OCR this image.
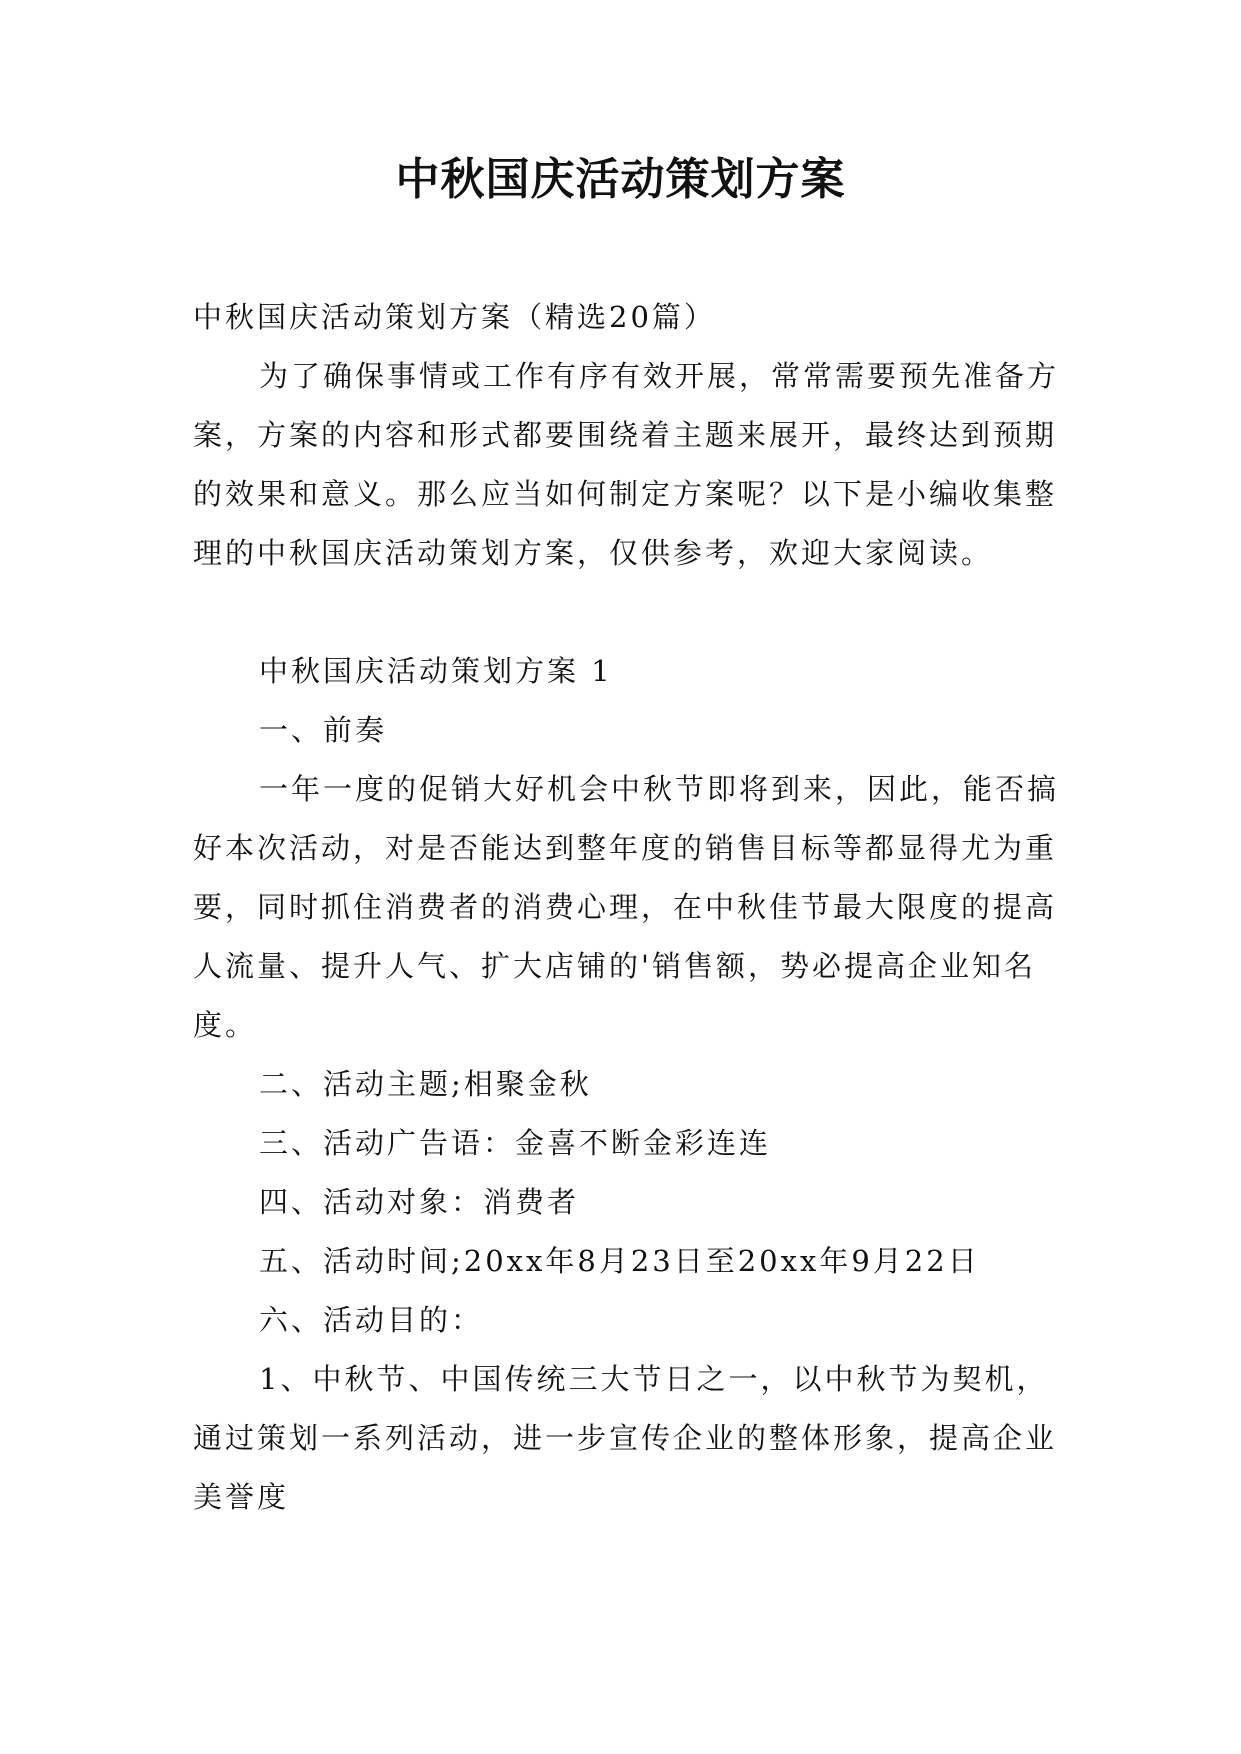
中秋国庆活动策划方案

中秋国庆活动策划方案（精选20篇）

为了确保事情或工作有序有效开展，常常需要预先准备方案，方案的内容和形式都要围绕着主题来展开，最终达到预期的效果和意义。那么应当如何制定方案呢？以下是小编收集整理的中秋国庆活动策划方案，仅供参考，欢迎大家阅读。

中秋国庆活动策划方案 1

一、前奏

一年一度的促销大好机会中秋节即将到来，因此，能否搞好本次活动，对是否能达到整年度的销售目标等都显得尤为重要，同时抓住消费者的消费心理，在中秋佳节最大限度的提高人流量、提升人气、扩大店铺的'销售额，势必提高企业知名度。

二、活动主题;相聚金秋

三、活动广告语：金喜不断金彩连连

四、活动对象：消费者

五、活动时间;20xx年8月23日至20xx年9月22日

六、活动目的：

1、中秋节、中国传统三大节日之一，以中秋节为契机，通过策划一系列活动，进一步宣传企业的整体形象，提高企业美誉度
